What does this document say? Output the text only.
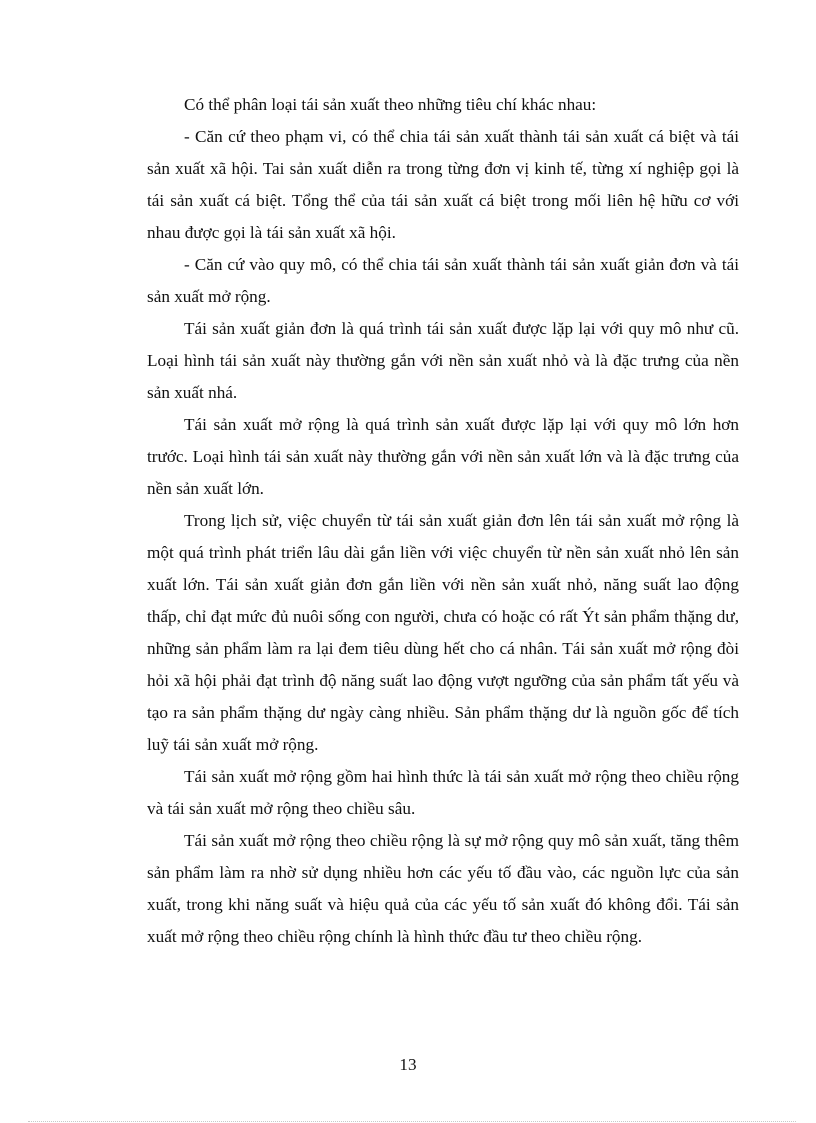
Có thể phân loại tái sản xuất theo những tiêu chí khác nhau:

- Căn cứ theo phạm vi, có thể chia tái sản xuất thành tái sản xuất cá biệt và tái sản xuất xã hội. Tai sản xuất diễn ra trong từng đơn vị kinh tế, từng xí nghiệp gọi là tái sản xuất cá biệt. Tổng thể của tái sản xuất cá biệt trong mối liên hệ hữu cơ với nhau được gọi là tái sản xuất xã hội.

- Căn cứ vào quy mô, có thể chia tái sản xuất thành tái sản xuất giản đơn và tái sản xuất mở rộng.

Tái sản xuất giản đơn là quá trình tái sản xuất được lặp lại với quy mô như cũ. Loại hình tái sản xuất này thường gắn với nền sản xuất nhỏ và là đặc trưng của nền sản xuất nhá.

Tái sản xuất mở rộng là quá trình sản xuất được lặp lại với quy mô lớn hơn trước. Loại hình tái sản xuất này thường gắn với nền sản xuất lớn và là đặc trưng của nền sản xuất lớn.

Trong lịch sử, việc chuyển từ tái sản xuất giản đơn lên tái sản xuất mở rộng là một quá trình phát triển lâu dài gắn liền với việc chuyển từ nền sản xuất nhỏ lên sản xuất lớn. Tái sản xuất giản đơn gắn liền với nền sản xuất nhỏ, năng suất lao động thấp, chỉ đạt mức đủ nuôi sống con người, chưa có hoặc có rất Ýt sản phẩm thặng dư, những sản phẩm làm ra lại đem tiêu dùng hết cho cá nhân. Tái sản xuất mở rộng đòi hỏi xã hội phải đạt trình độ năng suất lao động vượt ngưỡng của sản phẩm tất yếu và tạo ra sản phẩm thặng dư ngày càng nhiều. Sản phẩm thặng dư là nguồn gốc để tích luỹ tái sản xuất mở rộng.

Tái sản xuất mở rộng gồm hai hình thức là tái sản xuất mở rộng theo chiều rộng và tái sản xuất mở rộng theo chiều sâu.

Tái sản xuất mở rộng theo chiều rộng là sự mở rộng quy mô sản xuất, tăng thêm sản phẩm làm ra nhờ sử dụng nhiều hơn các yếu tố đầu vào, các nguồn lực của sản xuất, trong khi năng suất và hiệu quả của các yếu tố sản xuất đó không đổi. Tái sản xuất mở rộng theo chiều rộng chính là hình thức đầu tư theo chiều rộng.

13
